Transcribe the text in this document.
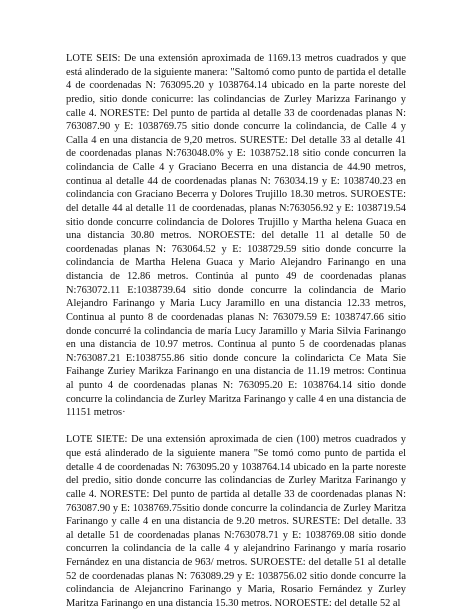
LOTE SEIS: De una extensión aproximada de 1169.13 metros cuadrados y que
está alinderado de la siguiente manera: "Saltomó como punto de partida el detalle
4 de coordenadas N: 763095.20 y 1038764.14 ubicado en la parte noreste del
predio, sitio donde conicurre: las colindancias de Zurley Marizza Farinango y
calle 4. NORESTE: Del punto de partida al detalle 33 de coordenadas planas N:
763087.90 y E: 1038769.75 sitio donde concurre la colindancia, de Calle 4 y
Calla 4 en una distancia de 9,20 metros. SURESTE: Del detalle 33 al detalle 41
de coordenadas planas N:763048.0% y E: 1038752.18 sitio conde concurren la
colindancia de Calle 4 y Graciano Becerra en una distancia de 44.90 metros,
continua al detalle 44 de coordenadas planas N: 763034.19 y E: 1038740.23 en
colindancia con Graciano Becerra y Dolores Trujillo 18.30 metros. SUROESTE:
del detalle 44 al detalle 11 de coordenadas, planas N:763056.92 y E: 1038719.54
sitio donde concurre colindancia de Dolores Trujillo y Martha helena Guaca en
una distancia 30.80 metros. NOROESTE: del detalle 11 al detalle 50 de
coordenadas planas N: 763064.52 y E: 1038729.59 sitio donde concurre la
colindancia de Martha Helena Guaca y Mario Alejandro Farinango en una
distancia de 12.86 metros. Continúa al punto 49 de coordenadas planas
N:763072.11 E:1038739.64 sitio donde concurre la colindancia de Mario
Alejandro Farinango y Maria Lucy Jaramillo en una distancia 12.33 metros,
Continua al punto 8 de coordenadas planas N: 763079.59 E: 1038747.66 sitio
donde concurré la colindancia de maría Lucy Jaramillo y Maria Silvia Farinango
en una distancia de 10.97 metros. Continua al punto 5 de coordenadas planas
N:763087.21 E:1038755.86 sitio donde concure la colindaricta Ce Mata Sie
Faihange Zuriey Marikza Farinango en una distancia de 11.19 metros: Continua
al punto 4 de coordenadas planas N: 763095.20 E: 1038764.14 sitio donde
concurre la colindancia de Zurley Maritza Farinango y calle 4 en una distancia de
11151 metros·

LOTE SIETE: De una extensión aproximada de cien (100) metros cuadrados y
que está alinderado de la siguiente manera "Se tomó como punto de partida el
detalle 4 de coordenadas N: 763095.20 y 1038764.14 ubicado en la parte noreste
del predio, sitio donde concurre las colindancias de Zurley Maritza Farinango y
calle 4. NORESTE: Del punto de partida al detalle 33 de coordenadas planas N:
763087.90 y E: 1038769.75sitio donde concurre la colindancia de Zurley Maritza
Farinango y calle 4 en una distancia de 9.20 metros. SURESTE: Del detalle. 33
al detalle 51 de coordenadas planas N:763078.71 y E: 1038769.08 sitio donde
concurren la colindancia de la calle 4 y alejandrino Farinango y maría rosario
Fernández en una distancia de 963/ metros. SUROESTE: del detalle 51 al detalle
52 de coordenadas planas N: 763089.29 y E: 1038756.02 sitio donde concurre la
colindancia de Alejancrino Farinango y Maria, Rosario Fernández y Zurley
Maritza Farinango en una distancia 15.30 metros. NOROESTE: del detalle 52 al
